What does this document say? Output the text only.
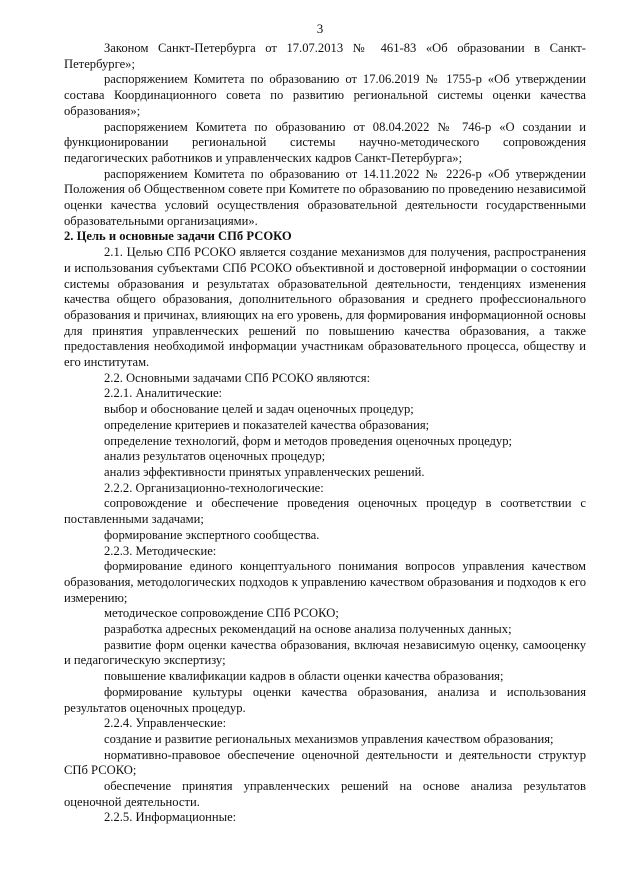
3

Законом Санкт-Петербурга от 17.07.2013 № 461-83 «Об образовании в Санкт-Петербурге»;

распоряжением Комитета по образованию от 17.06.2019 № 1755-р «Об утверждении состава Координационного совета по развитию региональной системы оценки качества образования»;

распоряжением Комитета по образованию от 08.04.2022 № 746-р «О создании и функционировании региональной системы научно-методического сопровождения педагогических работников и управленческих кадров Санкт-Петербурга»;

распоряжением Комитета по образованию от 14.11.2022 № 2226-р «Об утверждении Положения об Общественном совете при Комитете по образованию по проведению независимой оценки качества условий осуществления образовательной деятельности государственными образовательными организациями».

2. Цель и основные задачи СПб РСОКО

2.1. Целью СПб РСОКО является создание механизмов для получения, распространения и использования субъектами СПб РСОКО объективной и достоверной информации о состоянии системы образования и результатах образовательной деятельности, тенденциях изменения качества общего образования, дополнительного образования и среднего профессионального образования и причинах, влияющих на его уровень, для формирования информационной основы для принятия управленческих решений по повышению качества образования, а также предоставления необходимой информации участникам образовательного процесса, обществу и его институтам.

2.2. Основными задачами СПб РСОКО являются:

2.2.1. Аналитические:

выбор и обоснование целей и задач оценочных процедур;

определение критериев и показателей качества образования;

определение технологий, форм и методов проведения оценочных процедур;

анализ результатов оценочных процедур;

анализ эффективности принятых управленческих решений.

2.2.2. Организационно-технологические:

сопровождение и обеспечение проведения оценочных процедур в соответствии с поставленными задачами;

формирование экспертного сообщества.

2.2.3. Методические:

формирование единого концептуального понимания вопросов управления качеством образования, методологических подходов к управлению качеством образования и подходов к его измерению;

методическое сопровождение СПб РСОКО;

разработка адресных рекомендаций на основе анализа полученных данных;

развитие форм оценки качества образования, включая независимую оценку, самооценку и педагогическую экспертизу;

повышение квалификации кадров в области оценки качества образования;

формирование культуры оценки качества образования, анализа и использования результатов оценочных процедур.

2.2.4. Управленческие:

создание и развитие региональных механизмов управления качеством образования;

нормативно-правовое обеспечение оценочной деятельности и деятельности структур СПб РСОКО;

обеспечение принятия управленческих решений на основе анализа результатов оценочной деятельности.

2.2.5. Информационные:
